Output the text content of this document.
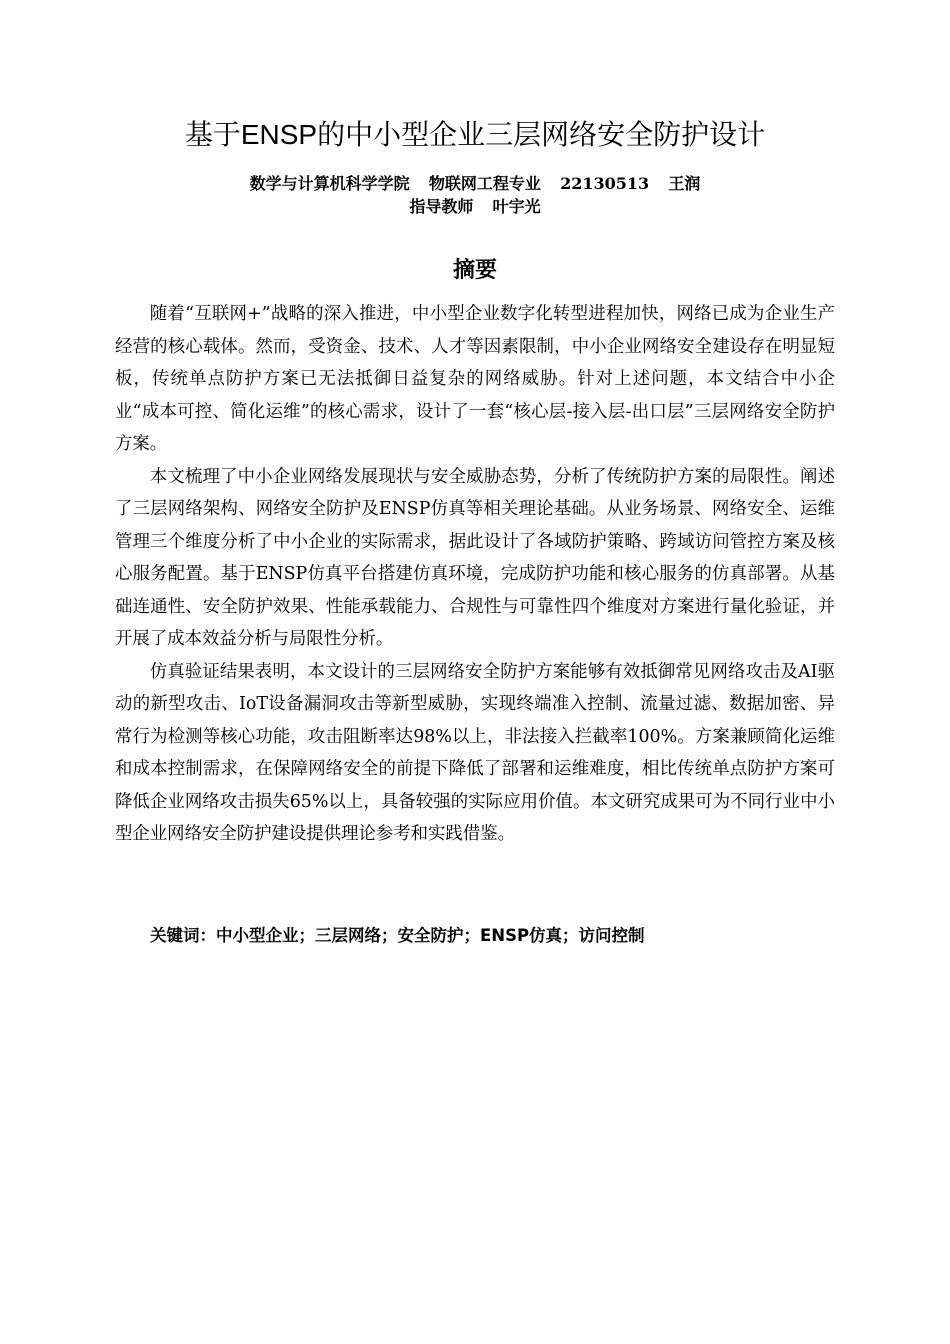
基于ENSP的中小型企业三层网络安全防护设计
数学与计算机科学学院 物联网工程专业 22130513 王润
指导教师 叶宇光
摘要

随着“互联网+”战略的深入推进，中小型企业数字化转型进程加快，网络已成为企业生产经营的核心载体。然而，受资金、技术、人才等因素限制，中小企业网络安全建设存在明显短板，传统单点防护方案已无法抵御日益复杂的网络威胁。针对上述问题，本文结合中小企业“成本可控、简化运维”的核心需求，设计了一套“核心层-接入层-出口层”三层网络安全防护方案。

本文梳理了中小企业网络发展现状与安全威胁态势，分析了传统防护方案的局限性。阐述了三层网络架构、网络安全防护及ENSP仿真等相关理论基础。从业务场景、网络安全、运维管理三个维度分析了中小企业的实际需求，据此设计了各域防护策略、跨域访问管控方案及核心服务配置。基于ENSP仿真平台搭建仿真环境，完成防护功能和核心服务的仿真部署。从基础连通性、安全防护效果、性能承载能力、合规性与可靠性四个维度对方案进行量化验证，并开展了成本效益分析与局限性分析。

仿真验证结果表明，本文设计的三层网络安全防护方案能够有效抵御常见网络攻击及AI驱动的新型攻击、IoT设备漏洞攻击等新型威胁，实现终端准入控制、流量过滤、数据加密、异常行为检测等核心功能，攻击阻断率达98%以上，非法接入拦截率100%。方案兼顾简化运维和成本控制需求，在保障网络安全的前提下降低了部署和运维难度，相比传统单点防护方案可降低企业网络攻击损失65%以上，具备较强的实际应用价值。本文研究成果可为不同行业中小型企业网络安全防护建设提供理论参考和实践借鉴。

关键词：中小型企业；三层网络；安全防护；ENSP仿真；访问控制
